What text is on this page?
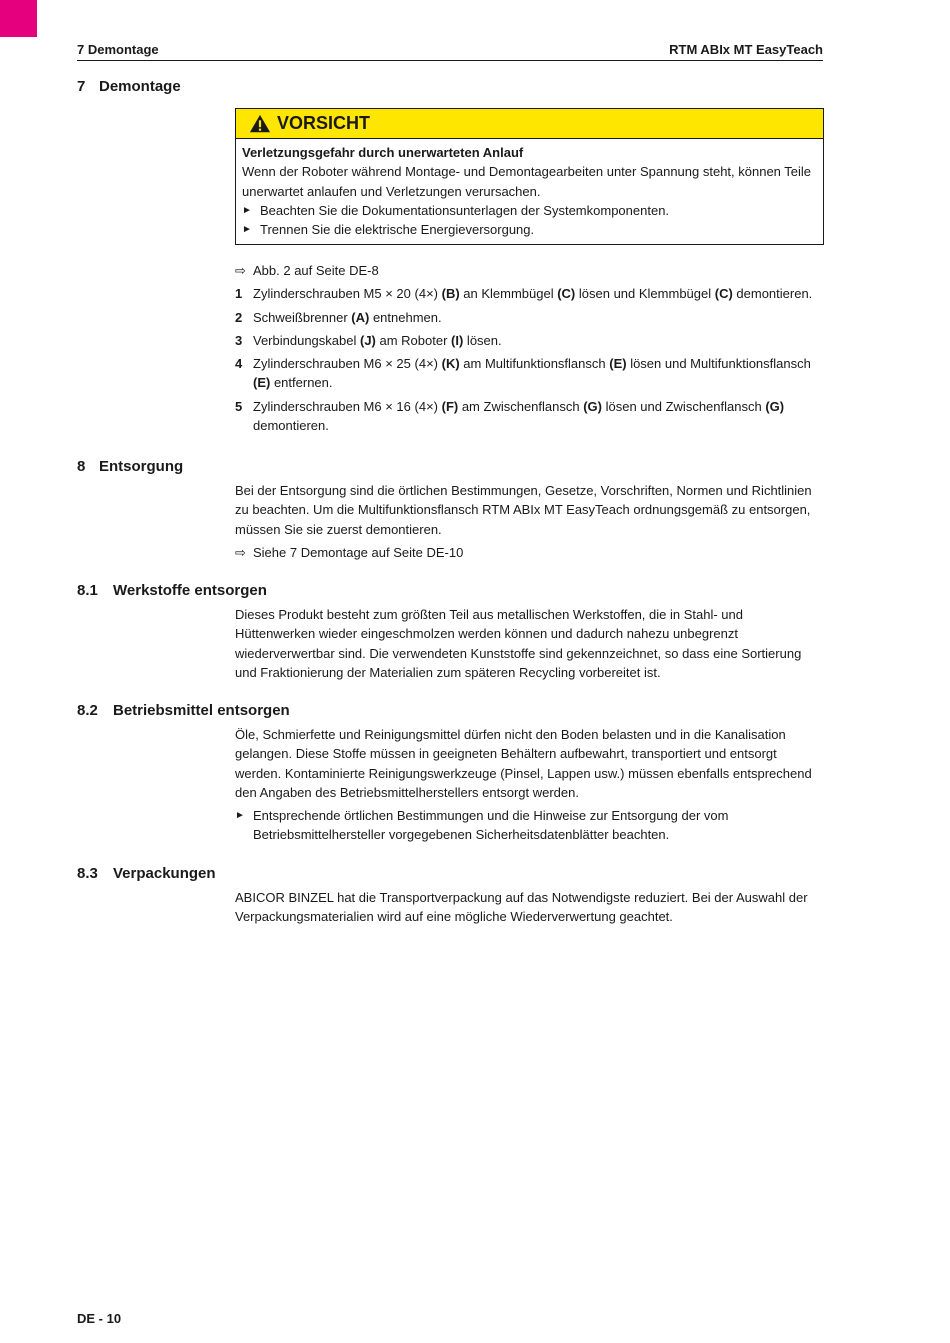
7 Demontage	RTM ABIx MT EasyTeach
7 Demontage
VORSICHT
Verletzungsgefahr durch unerwarteten Anlauf
Wenn der Roboter während Montage- und Demontagearbeiten unter Spannung steht, können Teile unerwartet anlaufen und Verletzungen verursachen.
► Beachten Sie die Dokumentationsunterlagen der Systemkomponenten.
► Trennen Sie die elektrische Energieversorgung.
⇨ Abb. 2 auf Seite DE-8
1 Zylinderschrauben M5 × 20 (4×) (B) an Klemmbügel (C) lösen und Klemmbügel (C) demontieren.
2 Schweißbrenner (A) entnehmen.
3 Verbindungskabel (J) am Roboter (I) lösen.
4 Zylinderschrauben M6 × 25 (4×) (K) am Multifunktionsflansch (E) lösen und Multifunktionsflansch (E) entfernen.
5 Zylinderschrauben M6 × 16 (4×) (F) am Zwischenflansch (G) lösen und Zwischenflansch (G) demontieren.
8 Entsorgung
Bei der Entsorgung sind die örtlichen Bestimmungen, Gesetze, Vorschriften, Normen und Richtlinien zu beachten. Um die Multifunktionsflansch RTM ABIx MT EasyTeach ordnungsgemäß zu entsorgen, müssen Sie sie zuerst demontieren.
⇨ Siehe 7 Demontage auf Seite DE-10
8.1 Werkstoffe entsorgen
Dieses Produkt besteht zum größten Teil aus metallischen Werkstoffen, die in Stahl- und Hüttenwerken wieder eingeschmolzen werden können und dadurch nahezu unbegrenzt wiederverwertbar sind. Die verwendeten Kunststoffe sind gekennzeichnet, so dass eine Sortierung und Fraktionierung der Materialien zum späteren Recycling vorbereitet ist.
8.2 Betriebsmittel entsorgen
Öle, Schmierfette und Reinigungsmittel dürfen nicht den Boden belasten und in die Kanalisation gelangen. Diese Stoffe müssen in geeigneten Behältern aufbewahrt, transportiert und entsorgt werden. Kontaminierte Reinigungswerkzeuge (Pinsel, Lappen usw.) müssen ebenfalls entsprechend den Angaben des Betriebsmittelherstellers entsorgt werden.
► Entsprechende örtlichen Bestimmungen und die Hinweise zur Entsorgung der vom Betriebsmittelhersteller vorgegebenen Sicherheitsdatenblätter beachten.
8.3 Verpackungen
ABICOR BINZEL hat die Transportverpackung auf das Notwendigste reduziert. Bei der Auswahl der Verpackungsmaterialien wird auf eine mögliche Wiederverwertung geachtet.
DE - 10
